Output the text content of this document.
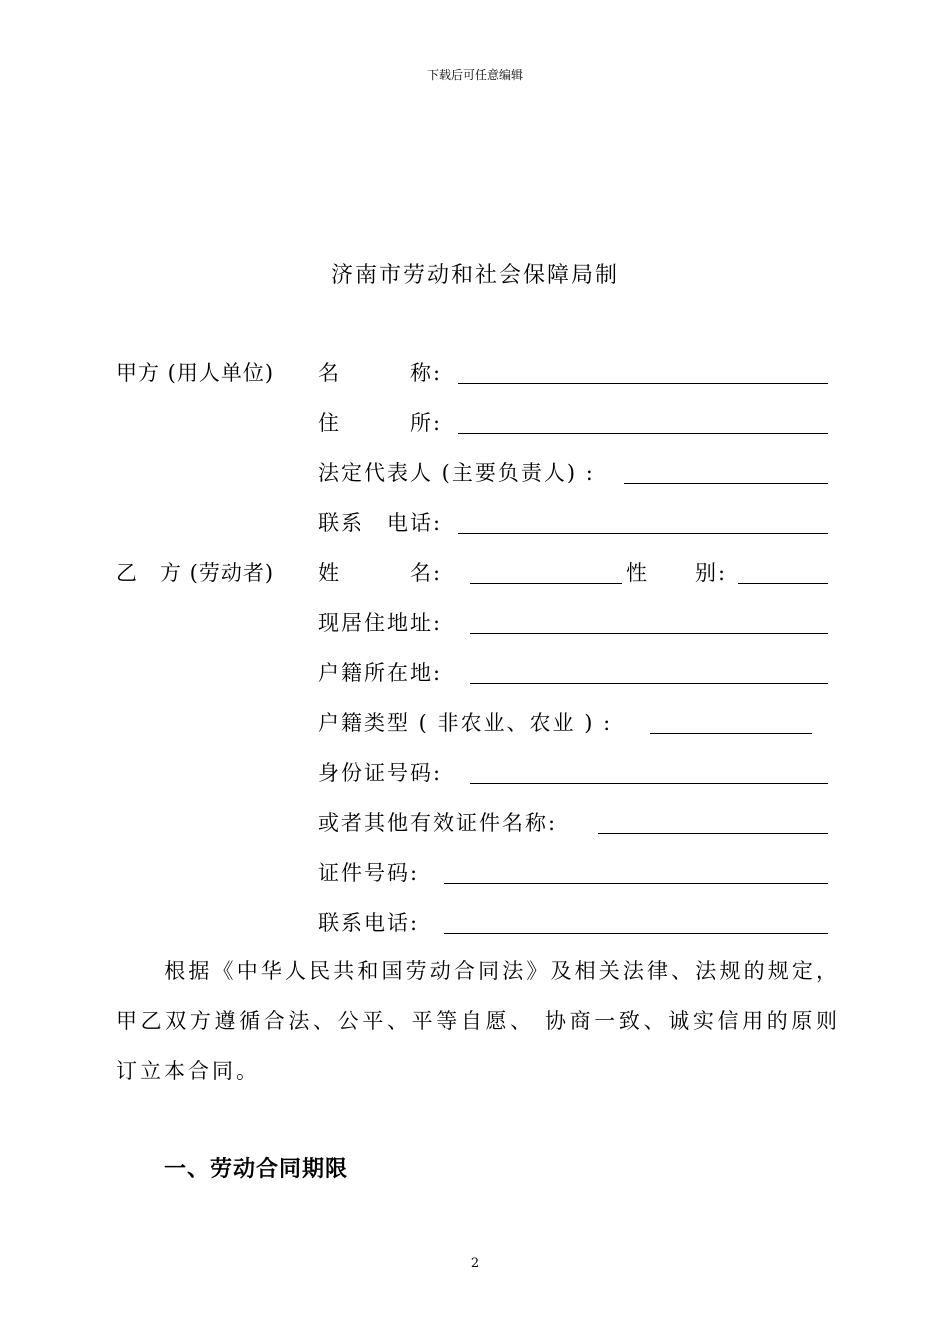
下载后可任意编辑
济南市劳动和社会保障局制
甲方 (用人单位) 名　　　称:
住　　　所:
法定代表人 (主要负责人) :
联系　电话:
乙　方 (劳动者) 姓　　　名:	性　　别:
现居住地址:
户籍所在地:
户籍类型 ( 非农业、农业 ) :
身份证号码:
或者其他有效证件名称:
证件号码:
联系电话:
　　根据《中华人民共和国劳动合同法》及相关法律、法规的规定，甲乙双方遵循合法、公平、平等自愿、 协商一致、诚实信用的原则订立本合同。
一、劳动合同期限
2
